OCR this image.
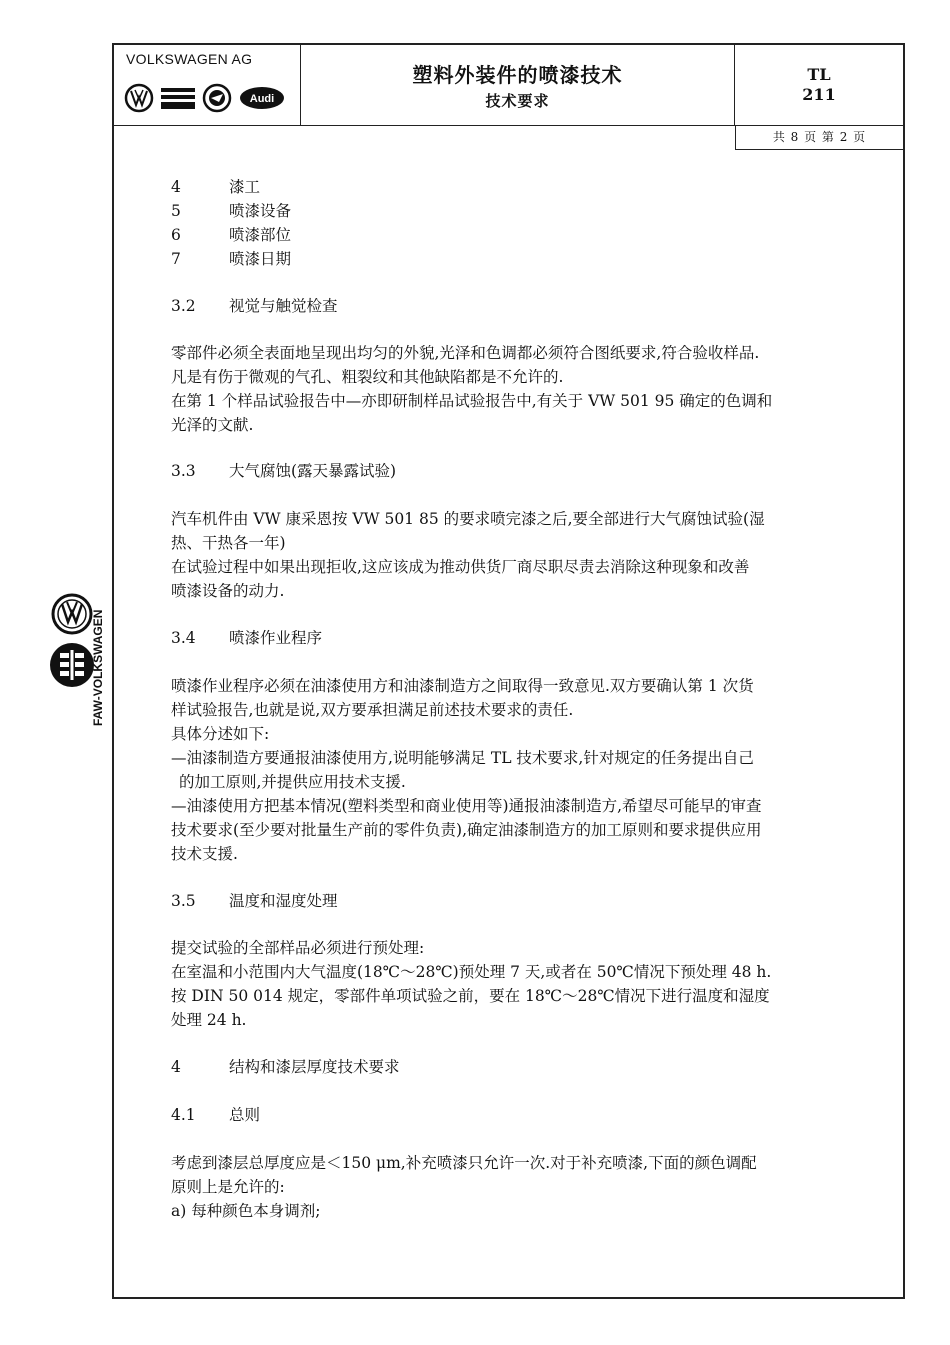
FAW-VOLKSWAGEN
VOLKSWAGEN AG
Audi
塑料外装件的喷漆技术
技术要求
TL
211
共 8 页 第 2 页
4	漆工
5	喷漆设备
6	喷漆部位
7	喷漆日期
3.2 视觉与触觉检查
零部件必须全表面地呈现出均匀的外貌,光泽和色调都必须符合图纸要求,符合验收样品.
凡是有伤于微观的气孔、粗裂纹和其他缺陷都是不允许的.
在第 1 个样品试验报告中—亦即研制样品试验报告中,有关于 VW 501 95 确定的色调和
光泽的文献.
3.3 大气腐蚀(露天暴露试验)
汽车机件由 VW 康采恩按 VW 501 85 的要求喷完漆之后,要全部进行大气腐蚀试验(湿
热、干热各一年)
在试验过程中如果出现拒收,这应该成为推动供货厂商尽职尽责去消除这种现象和改善
喷漆设备的动力.
3.4 喷漆作业程序
喷漆作业程序必须在油漆使用方和油漆制造方之间取得一致意见.双方要确认第 1 次货
样试验报告,也就是说,双方要承担满足前述技术要求的责任.
具体分述如下:
—油漆制造方要通报油漆使用方,说明能够满足 TL 技术要求,针对规定的任务提出自己
的加工原则,并提供应用技术支援.
—油漆使用方把基本情况(塑料类型和商业使用等)通报油漆制造方,希望尽可能早的审查
技术要求(至少要对批量生产前的零件负责),确定油漆制造方的加工原则和要求提供应用
技术支援.
3.5 温度和湿度处理
提交试验的全部样品必须进行预处理:
在室温和小范围内大气温度(18℃～28℃)预处理 7 天,或者在 50℃情况下预处理 48 h.
按 DIN 50 014 规定，零部件单项试验之前，要在 18℃～28℃情况下进行温度和湿度
处理 24 h.
4	结构和漆层厚度技术要求
4.1 总则
考虑到漆层总厚度应是＜150 μm,补充喷漆只允许一次.对于补充喷漆,下面的颜色调配
原则上是允许的:
a) 每种颜色本身调剂;
